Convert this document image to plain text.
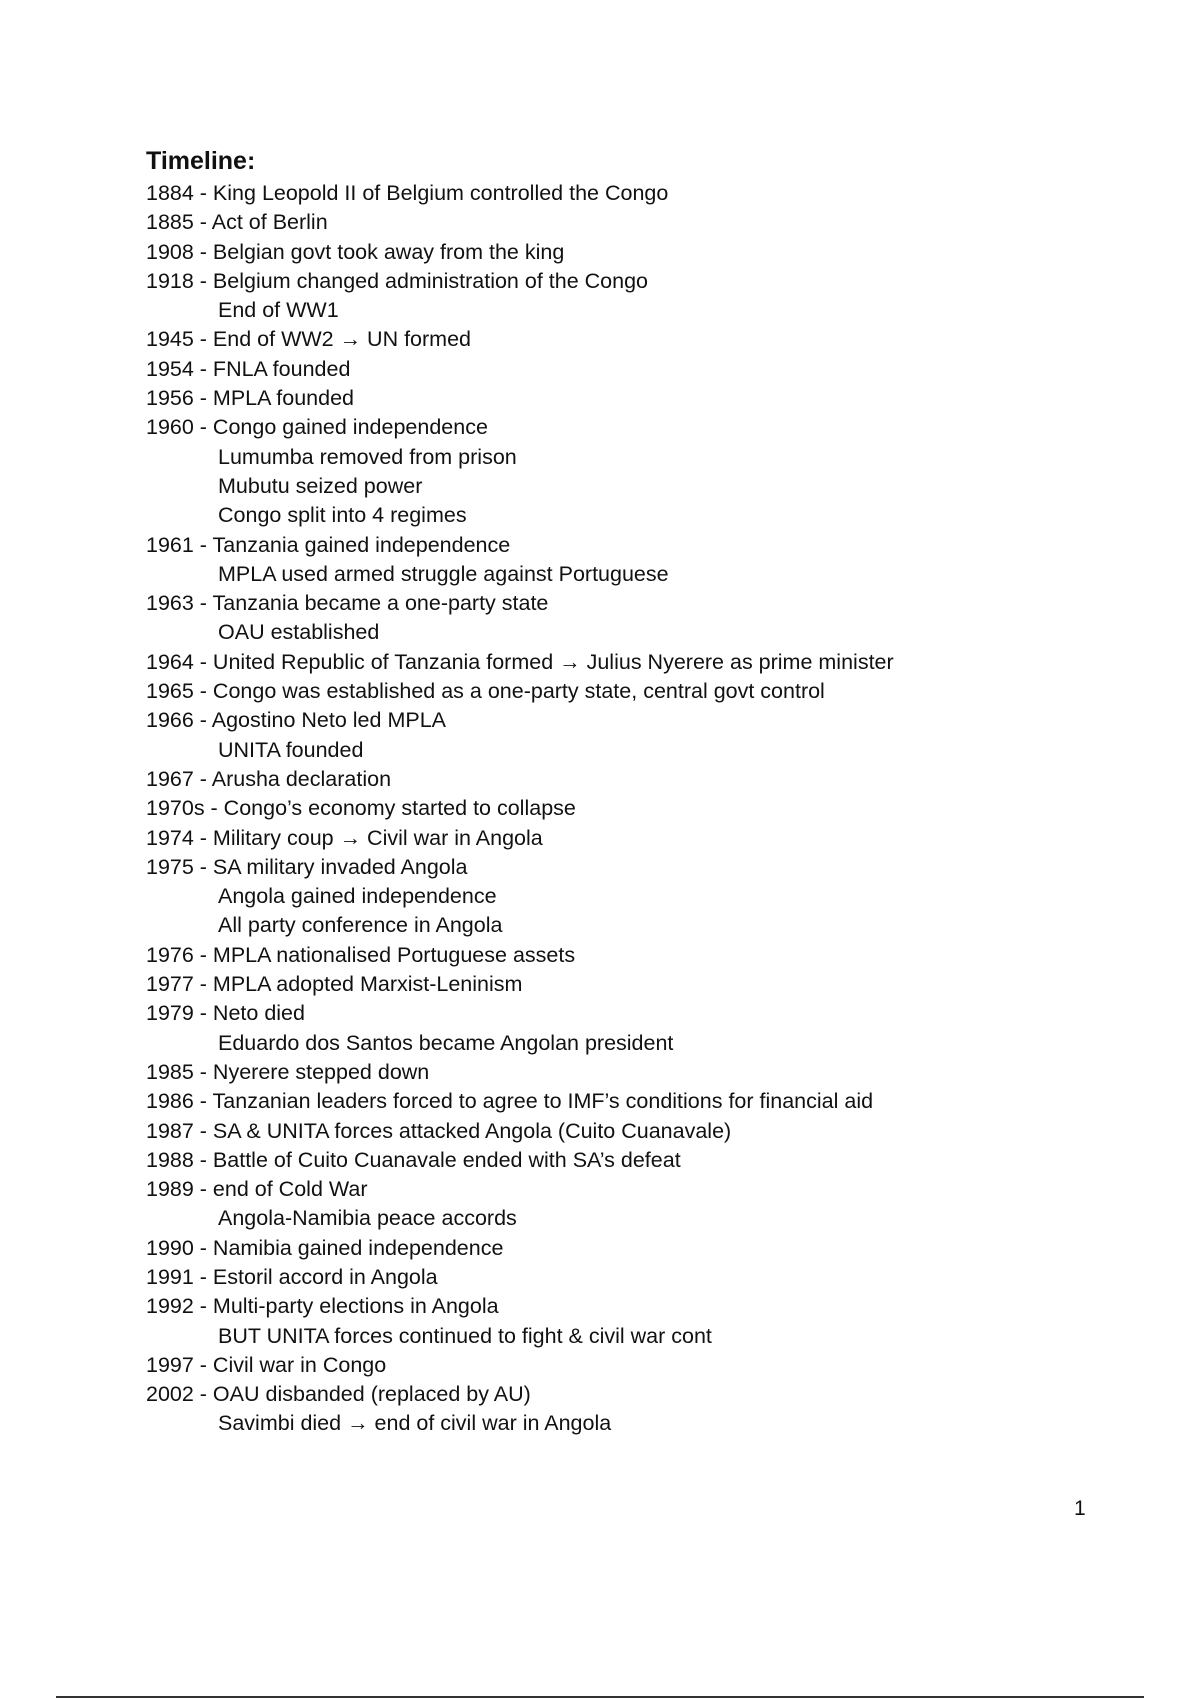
Timeline:
1884 - King Leopold II of Belgium controlled the Congo
1885 - Act of Berlin
1908 - Belgian govt took away from the king
1918 - Belgium changed administration of the Congo
End of WW1
1945 - End of WW2 → UN formed
1954 - FNLA founded
1956 - MPLA founded
1960 - Congo gained independence
Lumumba removed from prison
Mubutu seized power
Congo split into 4 regimes
1961 - Tanzania gained independence
MPLA used armed struggle against Portuguese
1963 - Tanzania became a one-party state
OAU established
1964 - United Republic of Tanzania formed → Julius Nyerere as prime minister
1965 - Congo was established as a one-party state, central govt control
1966 - Agostino Neto led MPLA
UNITA founded
1967 - Arusha declaration
1970s - Congo’s economy started to collapse
1974 - Military coup → Civil war in Angola
1975 - SA military invaded Angola
Angola gained independence
All party conference in Angola
1976 - MPLA nationalised Portuguese assets
1977 - MPLA adopted Marxist-Leninism
1979 - Neto died
Eduardo dos Santos became Angolan president
1985 - Nyerere stepped down
1986 - Tanzanian leaders forced to agree to IMF’s conditions for financial aid
1987 - SA & UNITA forces attacked Angola (Cuito Cuanavale)
1988 - Battle of Cuito Cuanavale ended with SA’s defeat
1989 - end of Cold War
Angola-Namibia peace accords
1990 - Namibia gained independence
1991 - Estoril accord in Angola
1992 - Multi-party elections in Angola
BUT UNITA forces continued to fight & civil war cont
1997 - Civil war in Congo
2002 - OAU disbanded (replaced by AU)
Savimbi died → end of civil war in Angola
1
